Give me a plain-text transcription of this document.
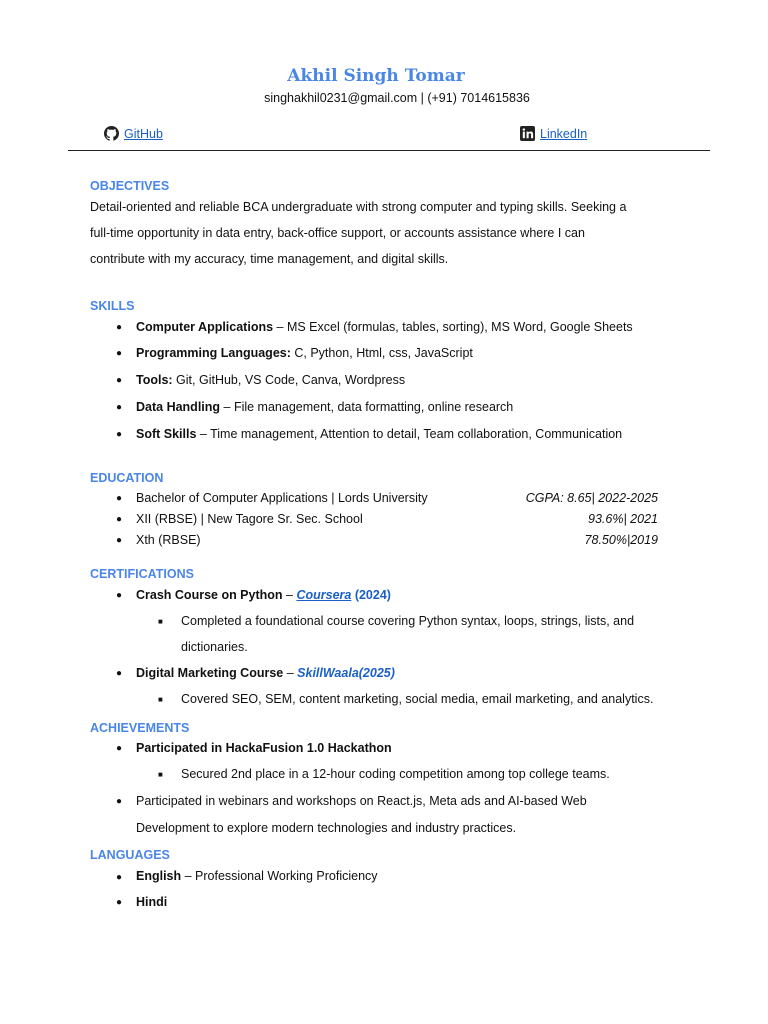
Akhil Singh Tomar
singhakhil0231@gmail.com | (+91) 7014615836
GitHub	LinkedIn
OBJECTIVES
Detail-oriented and reliable BCA undergraduate with strong computer and typing skills. Seeking a
full-time opportunity in data entry, back-office support, or accounts assistance where I can
contribute with my accuracy, time management, and digital skills.
SKILLS
● Computer Applications – MS Excel (formulas, tables, sorting), MS Word, Google Sheets
● Programming Languages: C, Python, Html, css, JavaScript
● Tools: Git, GitHub, VS Code, Canva, Wordpress
● Data Handling – File management, data formatting, online research
● Soft Skills – Time management, Attention to detail, Team collaboration, Communication
EDUCATION
● Bachelor of Computer Applications | Lords University	CGPA: 8.65| 2022-2025
● XII (RBSE) | New Tagore Sr. Sec. School	93.6%| 2021
● Xth (RBSE)	78.50%|2019
CERTIFICATIONS
● Crash Course on Python – Coursera (2024)
■ Completed a foundational course covering Python syntax, loops, strings, lists, and
dictionaries.
● Digital Marketing Course – SkillWaala(2025)
■ Covered SEO, SEM, content marketing, social media, email marketing, and analytics.
ACHIEVEMENTS
● Participated in HackaFusion 1.0 Hackathon
■ Secured 2nd place in a 12-hour coding competition among top college teams.
● Participated in webinars and workshops on React.js, Meta ads and AI-based Web
Development to explore modern technologies and industry practices.
LANGUAGES
● English – Professional Working Proficiency
● Hindi
